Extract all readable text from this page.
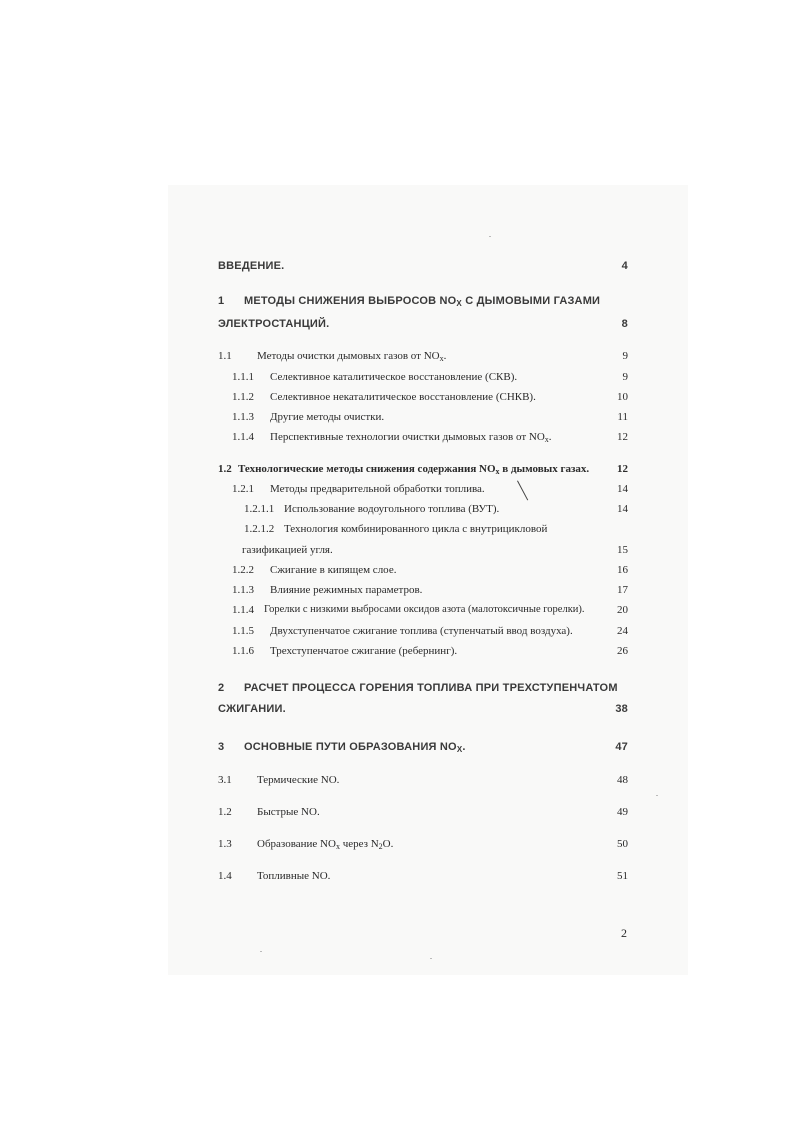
ВВЕДЕНИЕ.	4
1 МЕТОДЫ СНИЖЕНИЯ ВЫБРОСОВ $NO_X$ С ДЫМОВЫМИ ГАЗАМИ
ЭЛЕКТРОСТАНЦИЙ.	8
1.1 Методы очистки дымовых газов от $NO_x$.	9
1.1.1 Селективное каталитическое восстановление (СКВ).	9
1.1.2 Селективное некаталитическое восстановление (СНКВ).	10
1.1.3 Другие методы очистки.	11
1.1.4 Перспективные технологии очистки дымовых газов от $NO_x$.	12
1.2 Технологические методы снижения содержания $NO_x$ в дымовых газах.	12
1.2.1 Методы предварительной обработки топлива.	14
1.2.1.1 Использование водоугольного топлива (ВУТ).	14
1.2.1.2 Технология комбинированного цикла с внутрицикловой
газификацией угля.	15
1.2.2 Сжигание в кипящем слое.	16
1.1.3 Влияние режимных параметров.	17
1.1.4 Горелки с низкими выбросами оксидов азота (малотоксичные горелки).	20
1.1.5 Двухступенчатое сжигание топлива (ступенчатый ввод воздуха).	24
1.1.6 Трехступенчатое сжигание (ребернинг).	26
2 РАСЧЕТ ПРОЦЕССА ГОРЕНИЯ ТОПЛИВА ПРИ ТРЕХСТУПЕНЧАТОМ
СЖИГАНИИ.	38
3 ОСНОВНЫЕ ПУТИ ОБРАЗОВАНИЯ $NO_X$.	47
3.1 Термические NO.	48
1.2 Быстрые NO.	49
1.3 Образование $NO_x$ через $N_2O$.	50
1.4 Топливные NO.	51
2
